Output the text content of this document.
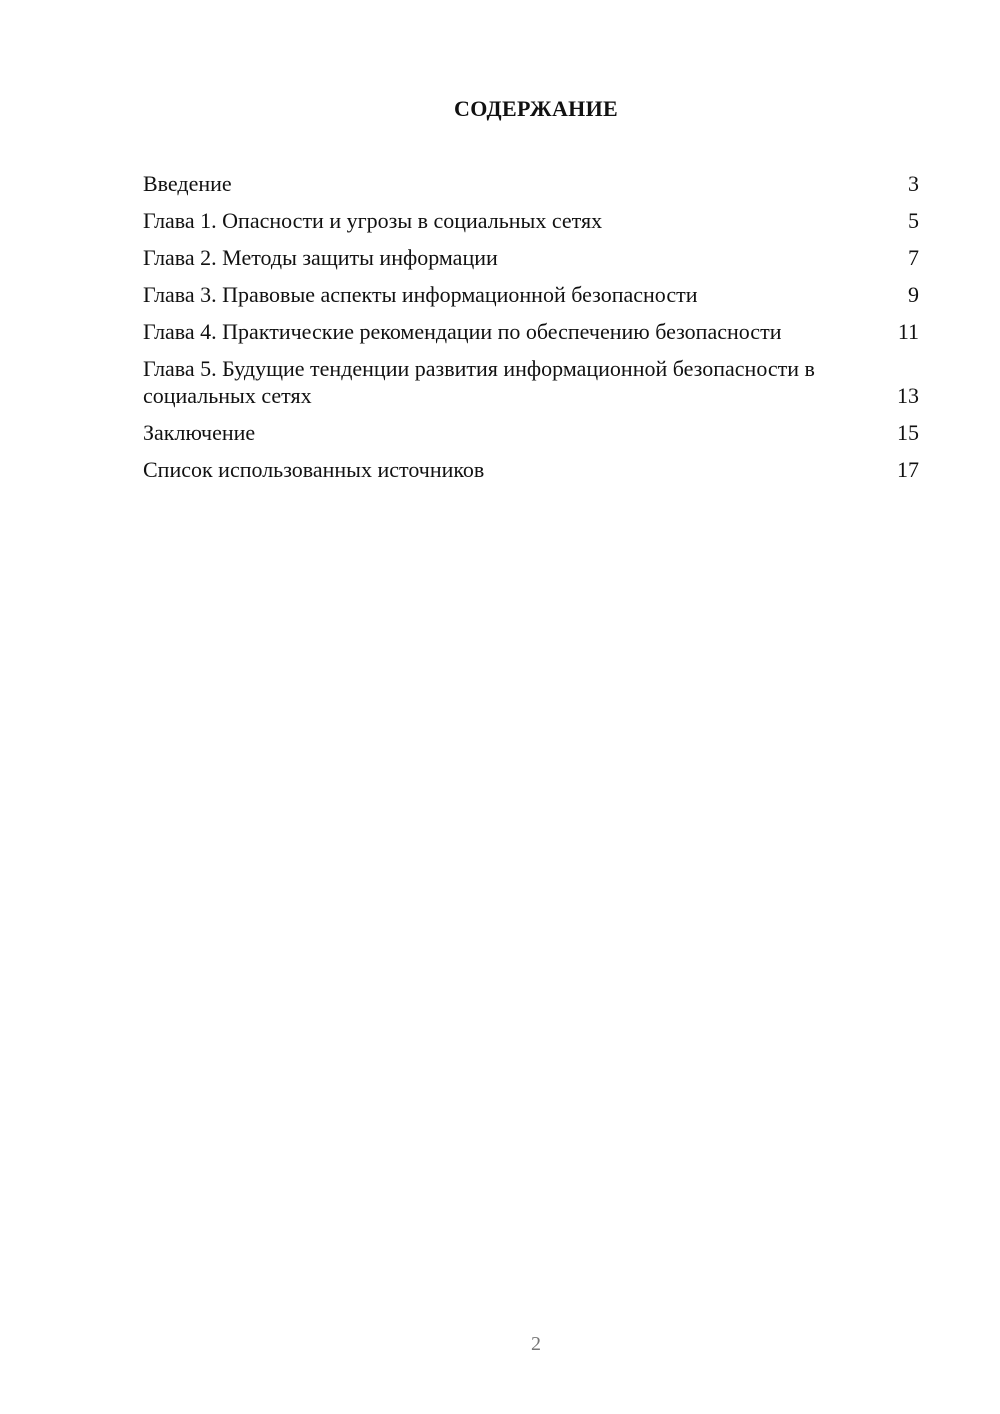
СОДЕРЖАНИЕ
Введение	3
Глава 1. Опасности и угрозы в социальных сетях	5
Глава 2. Методы защиты информации	7
Глава 3. Правовые аспекты информационной безопасности	9
Глава 4. Практические рекомендации по обеспечению безопасности	11
Глава 5. Будущие тенденции развития информационной безопасности в социальных сетях	13
Заключение	15
Список использованных источников	17
2
